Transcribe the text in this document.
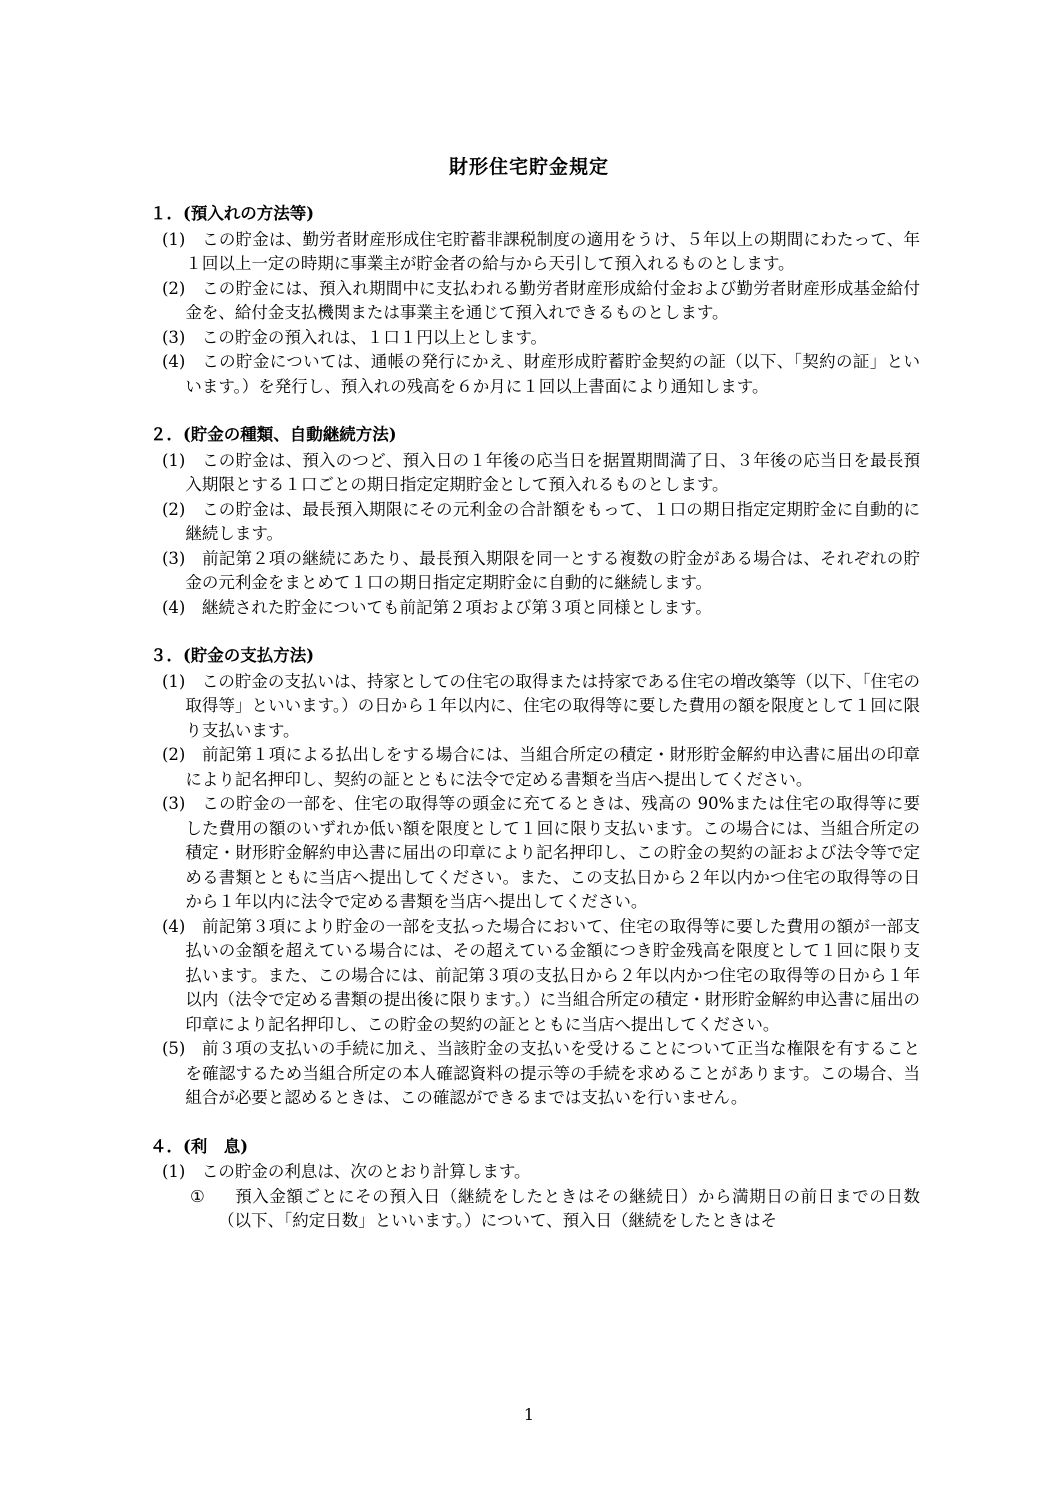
財形住宅貯金規定
１．(預入れの方法等)
(1) 　この貯金は、勤労者財産形成住宅貯蓄非課税制度の適用をうけ、５年以上の期間にわたって、年１回以上一定の時期に事業主が貯金者の給与から天引して預入れるものとします。
(2) 　この貯金には、預入れ期間中に支払われる勤労者財産形成給付金および勤労者財産形成基金給付金を、給付金支払機関または事業主を通じて預入れできるものとします。
(3) 　この貯金の預入れは、１口１円以上とします。
(4) 　この貯金については、通帳の発行にかえ、財産形成貯蓄貯金契約の証（以下、「契約の証」といいます。）を発行し、預入れの残高を６か月に１回以上書面により通知します。
２．(貯金の種類、自動継続方法)
(1) 　この貯金は、預入のつど、預入日の１年後の応当日を据置期間満了日、３年後の応当日を最長預入期限とする１口ごとの期日指定定期貯金として預入れるものとします。
(2) 　この貯金は、最長預入期限にその元利金の合計額をもって、１口の期日指定定期貯金に自動的に継続します。
(3) 　前記第２項の継続にあたり、最長預入期限を同一とする複数の貯金がある場合は、それぞれの貯金の元利金をまとめて１口の期日指定定期貯金に自動的に継続します。
(4) 　継続された貯金についても前記第２項および第３項と同様とします。
３．(貯金の支払方法)
(1) 　この貯金の支払いは、持家としての住宅の取得または持家である住宅の増改築等（以下、「住宅の取得等」といいます。）の日から１年以内に、住宅の取得等に要した費用の額を限度として１回に限り支払います。
(2) 　前記第１項による払出しをする場合には、当組合所定の積定・財形貯金解約申込書に届出の印章により記名押印し、契約の証とともに法令で定める書類を当店へ提出してください。
(3) 　この貯金の一部を、住宅の取得等の頭金に充てるときは、残高の 90%または住宅の取得等に要した費用の額のいずれか低い額を限度として１回に限り支払います。この場合には、当組合所定の積定・財形貯金解約申込書に届出の印章により記名押印し、この貯金の契約の証および法令等で定める書類とともに当店へ提出してください。また、この支払日から２年以内かつ住宅の取得等の日から１年以内に法令で定める書類を当店へ提出してください。
(4) 　前記第３項により貯金の一部を支払った場合において、住宅の取得等に要した費用の額が一部支払いの金額を超えている場合には、その超えている金額につき貯金残高を限度として１回に限り支払います。また、この場合には、前記第３項の支払日から２年以内かつ住宅の取得等の日から１年以内（法令で定める書類の提出後に限ります。）に当組合所定の積定・財形貯金解約申込書に届出の印章により記名押印し、この貯金の契約の証とともに当店へ提出してください。
(5) 　前３項の支払いの手続に加え、当該貯金の支払いを受けることについて正当な権限を有することを確認するため当組合所定の本人確認資料の提示等の手続を求めることがあります。この場合、当組合が必要と認めるときは、この確認ができるまでは支払いを行いません。
４．(利　息)
(1) 　この貯金の利息は、次のとおり計算します。
① 　預入金額ごとにその預入日（継続をしたときはその継続日）から満期日の前日までの日数（以下、「約定日数」といいます。）について、預入日（継続をしたときはそ
1
